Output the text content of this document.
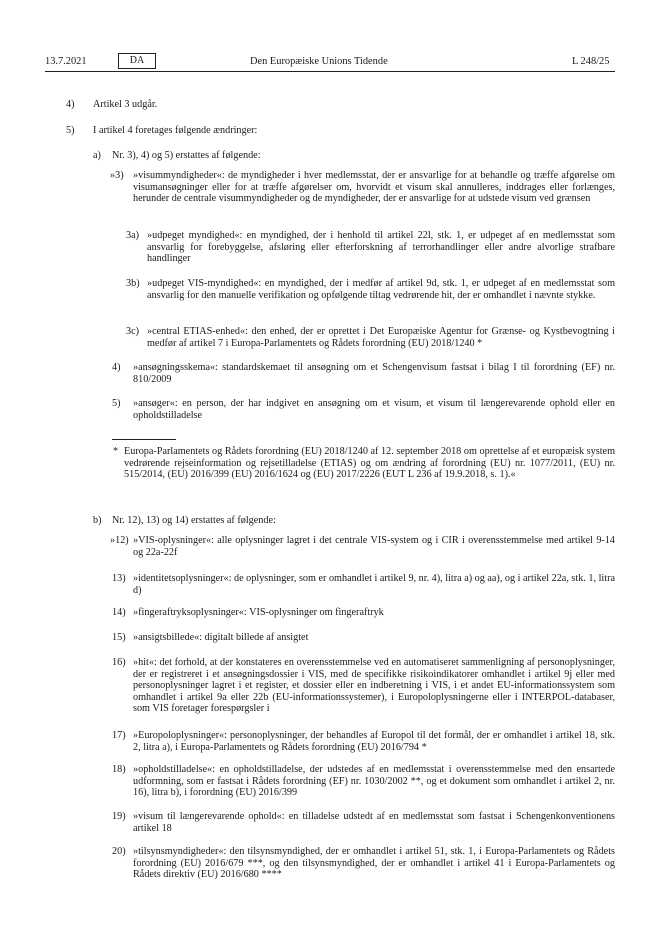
13.7.2021	DA	Den Europæiske Unions Tidende	L 248/25
4) Artikel 3 udgår.
5) I artikel 4 foretages følgende ændringer:
a) Nr. 3), 4) og 5) erstattes af følgende:
»3) »visummyndigheder«: de myndigheder i hver medlemsstat, der er ansvarlige for at behandle og træffe afgørelse om visumansøgninger eller for at træffe afgørelser om, hvorvidt et visum skal annulleres, inddrages eller forlænges, herunder de centrale visummyndigheder og de myndigheder, der er ansvarlige for at udstede visum ved grænsen
3a) »udpeget myndighed«: en myndighed, der i henhold til artikel 22l, stk. 1, er udpeget af en medlemsstat som ansvarlig for forebyggelse, afsløring eller efterforskning af terrorhandlinger eller andre alvorlige strafbare handlinger
3b) »udpeget VIS-myndighed«: en myndighed, der i medfør af artikel 9d, stk. 1, er udpeget af en medlemsstat som ansvarlig for den manuelle verifikation og opfølgende tiltag vedrørende hit, der er omhandlet i nævnte stykke.
3c) »central ETIAS-enhed«: den enhed, der er oprettet i Det Europæiske Agentur for Grænse- og Kystbevogtning i medfør af artikel 7 i Europa-Parlamentets og Rådets forordning (EU) 2018/1240 *
4) »ansøgningsskema«: standardskemaet til ansøgning om et Schengenvisum fastsat i bilag I til forordning (EF) nr. 810/2009
5) »ansøger«: en person, der har indgivet en ansøgning om et visum, et visum til længerevarende ophold eller en opholdstilladelse
* Europa-Parlamentets og Rådets forordning (EU) 2018/1240 af 12. september 2018 om oprettelse af et europæisk system vedrørende rejseinformation og rejsetilladelse (ETIAS) og om ændring af forordning (EU) nr. 1077/2011, (EU) nr. 515/2014, (EU) 2016/399 (EU) 2016/1624 og (EU) 2017/2226 (EUT L 236 af 19.9.2018, s. 1).«
b) Nr. 12), 13) og 14) erstattes af følgende:
»12) »VIS-oplysninger«: alle oplysninger lagret i det centrale VIS-system og i CIR i overensstemmelse med artikel 9-14 og 22a-22f
13) »identitetsoplysninger«: de oplysninger, som er omhandlet i artikel 9, nr. 4), litra a) og aa), og i artikel 22a, stk. 1, litra d)
14) »fingeraftryksoplysninger«: VIS-oplysninger om fingeraftryk
15) »ansigtsbillede«: digitalt billede af ansigtet
16) »hit«: det forhold, at der konstateres en overensstemmelse ved en automatiseret sammenligning af personoplysninger, der er registreret i et ansøgningsdossier i VIS, med de specifikke risikoindikatorer omhandlet i artikel 9j eller med personoplysninger lagret i et register, et dossier eller en indberetning i VIS, i et andet EU-informationssystem som omhandlet i artikel 9a eller 22b (EU-informationssystemer), i Europoloplysningerne eller i INTERPOL-databaser, som VIS foretager forespørgsler i
17) »Europoloplysninger«: personoplysninger, der behandles af Europol til det formål, der er omhandlet i artikel 18, stk. 2, litra a), i Europa-Parlamentets og Rådets forordning (EU) 2016/794 *
18) »opholdstilladelse«: en opholdstilladelse, der udstedes af en medlemsstat i overensstemmelse med den ensartede udformning, som er fastsat i Rådets forordning (EF) nr. 1030/2002 **, og et dokument som omhandlet i artikel 2, nr. 16), litra b), i forordning (EU) 2016/399
19) »visum til længerevarende ophold«: en tilladelse udstedt af en medlemsstat som fastsat i Schengenkonventionens artikel 18
20) »tilsynsmyndigheder«: den tilsynsmyndighed, der er omhandlet i artikel 51, stk. 1, i Europa-Parlamentets og Rådets forordning (EU) 2016/679 ***, og den tilsynsmyndighed, der er omhandlet i artikel 41 i Europa-Parlamentets og Rådets direktiv (EU) 2016/680 ****
